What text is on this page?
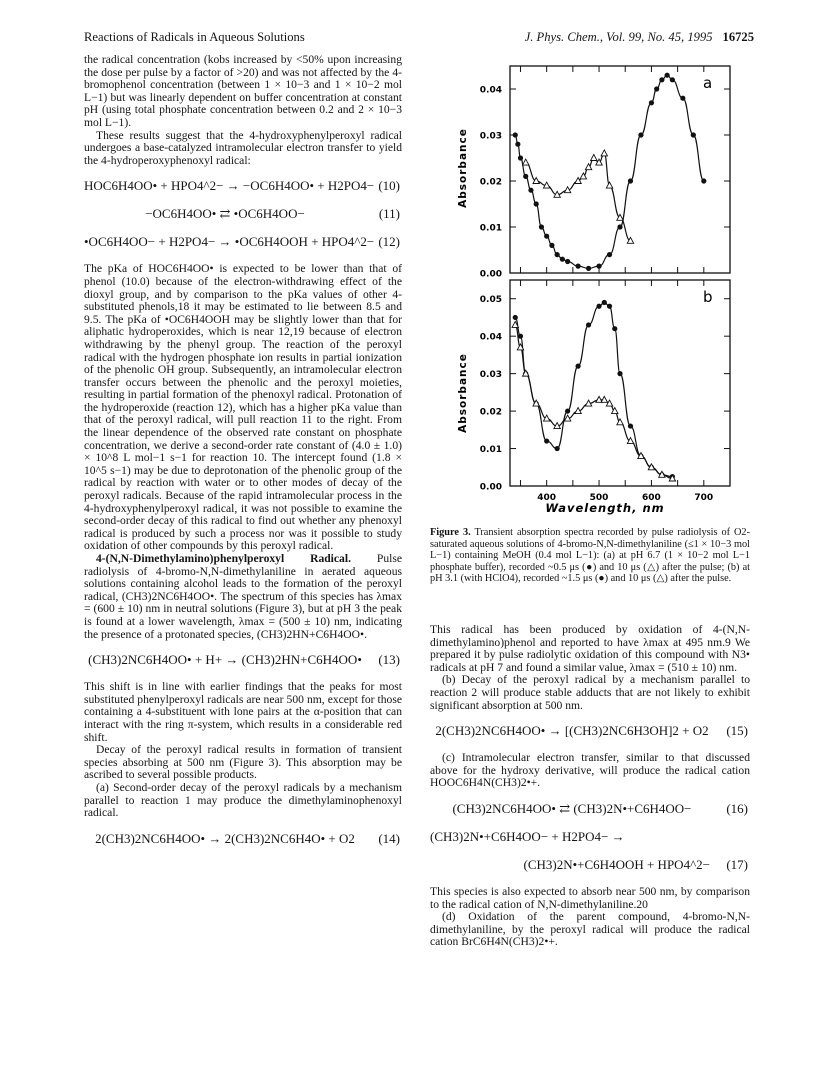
Reactions of Radicals in Aqueous Solutions	J. Phys. Chem., Vol. 99, No. 45, 1995 16725

the radical concentration (kobs increased by <50% upon increasing the dose per pulse by a factor of >20) and was not affected by the 4-bromophenol concentration (between 1 × 10−3 and 1 × 10−2 mol L−1) but was linearly dependent on buffer concentration at constant pH (using total phosphate concentration between 0.2 and 2 × 10−3 mol L−1).

These results suggest that the 4-hydroxyphenylperoxyl radical undergoes a base-catalyzed intramolecular electron transfer to yield the 4-hydroperoxyphenoxyl radical:

HOC6H4OO• + HPO4^2− → −OC6H4OO• + H2PO4− (10)
−OC6H4OO• ⇄ •OC6H4OO−	(11)
•OC6H4OO− + H2PO4− → •OC6H4OOH + HPO4^2− (12)

The pKa of HOC6H4OO• is expected to be lower than that of phenol (10.0) because of the electron-withdrawing effect of the dioxyl group, and by comparison to the pKa values of other 4-substituted phenols,18 it may be estimated to lie between 8.5 and 9.5. The pKa of •OC6H4OOH may be slightly lower than that for aliphatic hydroperoxides, which is near 12,19 because of electron withdrawing by the phenyl group. The reaction of the peroxyl radical with the hydrogen phosphate ion results in partial ionization of the phenolic OH group. Subsequently, an intramolecular electron transfer occurs between the phenolic and the peroxyl moieties, resulting in partial formation of the phenoxyl radical. Protonation of the hydroperoxide (reaction 12), which has a higher pKa value than that of the peroxyl radical, will pull reaction 11 to the right. From the linear dependence of the observed rate constant on phosphate concentration, we derive a second-order rate constant of (4.0 ± 1.0) × 10^8 L mol−1 s−1 for reaction 10. The intercept found (1.8 × 10^5 s−1) may be due to deprotonation of the phenolic group of the radical by reaction with water or to other modes of decay of the peroxyl radicals. Because of the rapid intramolecular process in the 4-hydroxyphenylperoxyl radical, it was not possible to examine the second-order decay of this radical to find out whether any phenoxyl radical is produced by such a process nor was it possible to study oxidation of other compounds by this peroxyl radical.

4-(N,N-Dimethylamino)phenylperoxyl Radical. Pulse radiolysis of 4-bromo-N,N-dimethylaniline in aerated aqueous solutions containing alcohol leads to the formation of the peroxyl radical, (CH3)2NC6H4OO•. The spectrum of this species has λmax = (600 ± 10) nm in neutral solutions (Figure 3), but at pH 3 the peak is found at a lower wavelength, λmax = (500 ± 10) nm, indicating the presence of a protonated species, (CH3)2HN+C6H4OO•.

(CH3)2NC6H4OO• + H+ → (CH3)2HN+C6H4OO•	(13)

This shift is in line with earlier findings that the peaks for most substituted phenylperoxyl radicals are near 500 nm, except for those containing a 4-substituent with lone pairs at the α-position that can interact with the ring π-system, which results in a considerable red shift.

Decay of the peroxyl radical results in formation of transient species absorbing at 500 nm (Figure 3). This absorption may be ascribed to several possible products.

(a) Second-order decay of the peroxyl radicals by a mechanism parallel to reaction 1 may produce the dimethylaminophenoxyl radical.

2(CH3)2NC6H4OO• → 2(CH3)2NC6H4O• + O2	(14)
0.04
0.03
0.02
0.01
0.00
0.05
0.04
0.03
0.02
0.01
0.00
400	500	600	700
a
b
Absorbance
Absorbance
Wavelength, nm
Figure 3. Transient absorption spectra recorded by pulse radiolysis of O2-saturated aqueous solutions of 4-bromo-N,N-dimethylaniline (≤1 × 10−3 mol L−1) containing MeOH (0.4 mol L−1): (a) at pH 6.7 (1 × 10−2 mol L−1 phosphate buffer), recorded ~0.5 μs (●) and 10 μs (△) after the pulse; (b) at pH 3.1 (with HClO4), recorded ~1.5 μs (●) and 10 μs (△) after the pulse.

This radical has been produced by oxidation of 4-(N,N-dimethylamino)phenol and reported to have λmax at 495 nm.9 We prepared it by pulse radiolytic oxidation of this compound with N3• radicals at pH 7 and found a similar value, λmax = (510 ± 10) nm.

(b) Decay of the peroxyl radical by a mechanism parallel to reaction 2 will produce stable adducts that are not likely to exhibit significant absorption at 500 nm.

2(CH3)2NC6H4OO• → [(CH3)2NC6H3OH]2 + O2	(15)

(c) Intramolecular electron transfer, similar to that discussed above for the hydroxy derivative, will produce the radical cation HOOC6H4N(CH3)2•+.

(CH3)2NC6H4OO• ⇄ (CH3)2N•+C6H4OO−	(16)
(CH3)2N•+C6H4OO− + H2PO4− →
(CH3)2N•+C6H4OOH + HPO4^2− (17)

This species is also expected to absorb near 500 nm, by comparison to the radical cation of N,N-dimethylaniline.20

(d) Oxidation of the parent compound, 4-bromo-N,N-dimethylaniline, by the peroxyl radical will produce the radical cation BrC6H4N(CH3)2•+.
